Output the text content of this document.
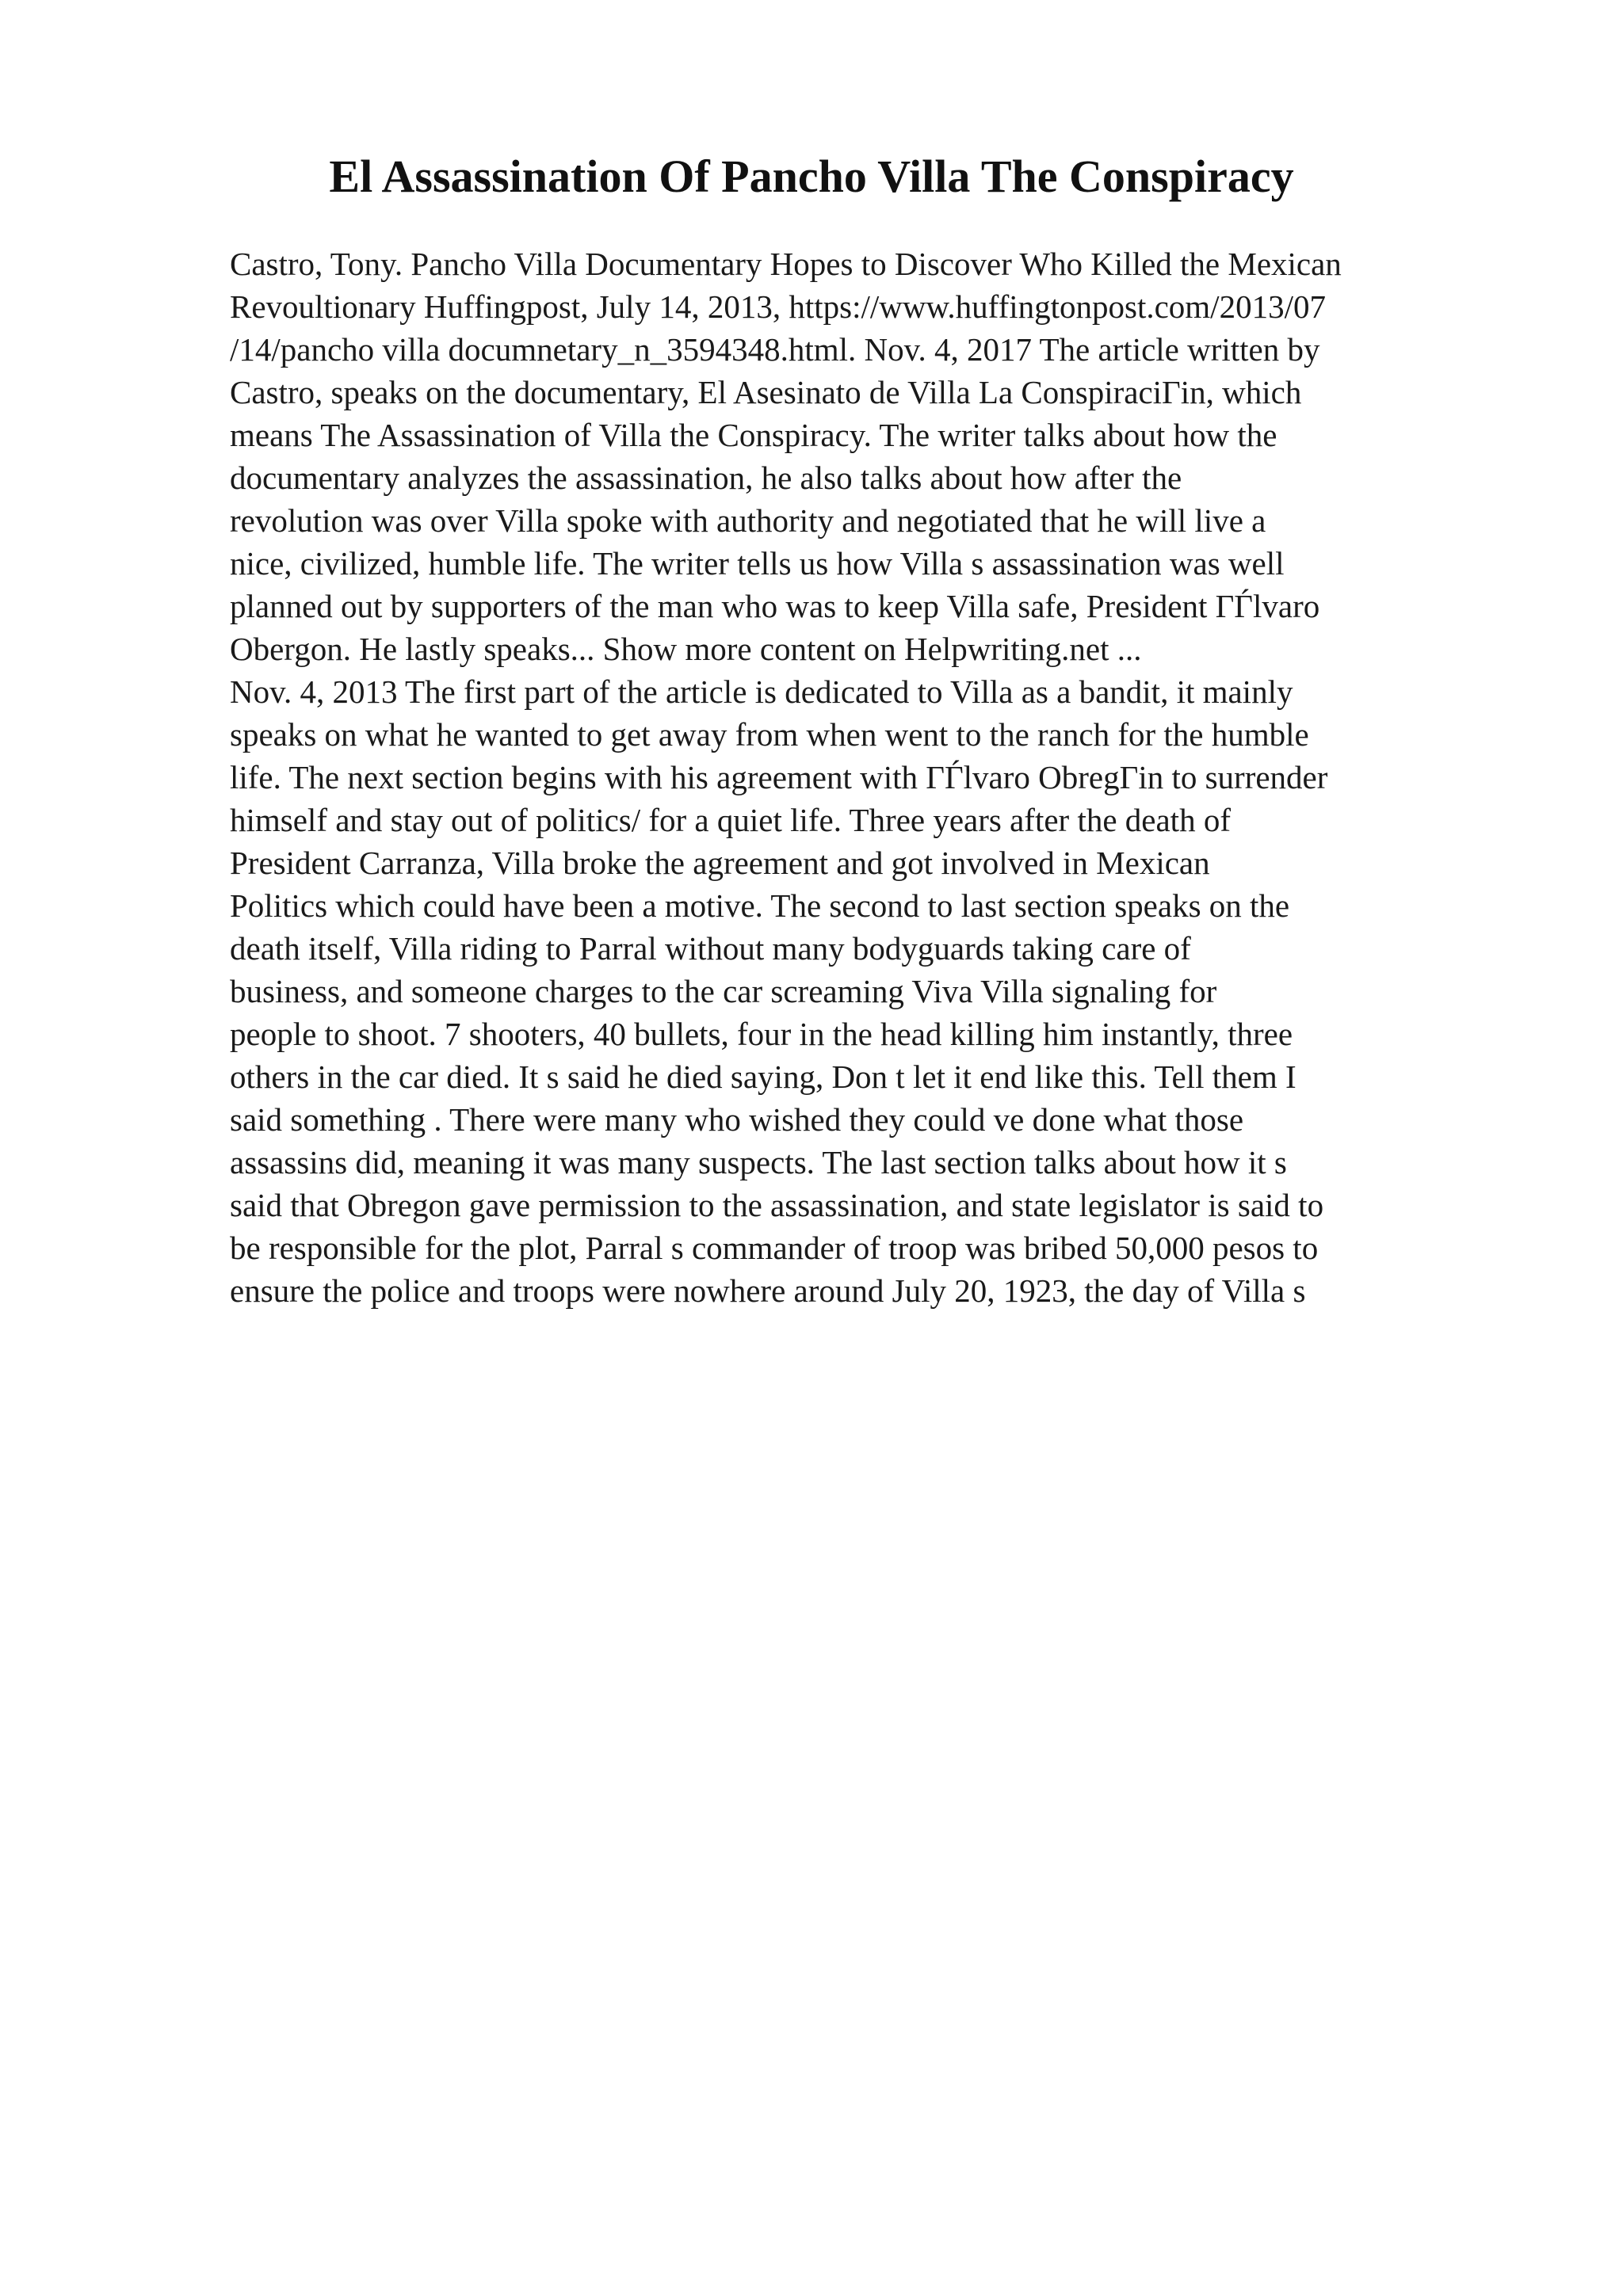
El Assassination Of Pancho Villa The Conspiracy
Castro, Tony. Pancho Villa Documentary Hopes to Discover Who Killed the Mexican
Revoultionary Huffingpost, July 14, 2013, https://www.huffingtonpost.com/2013/07
/14/pancho villa documnetary_n_3594348.html. Nov. 4, 2017 The article written by
Castro, speaks on the documentary, El Asesinato de Villa La ConspiraciΓіn, which
means The Assassination of Villa the Conspiracy. The writer talks about how the
documentary analyzes the assassination, he also talks about how after the
revolution was over Villa spoke with authority and negotiated that he will live a
nice, civilized, humble life. The writer tells us how Villa s assassination was well
planned out by supporters of the man who was to keep Villa safe, President ΓЃlvaro
Obergon. He lastly speaks... Show more content on Helpwriting.net ...
Nov. 4, 2013 The first part of the article is dedicated to Villa as a bandit, it mainly
speaks on what he wanted to get away from when went to the ranch for the humble
life. The next section begins with his agreement with ΓЃlvaro ObregΓіn to surrender
himself and stay out of politics/ for a quiet life. Three years after the death of
President Carranza, Villa broke the agreement and got involved in Mexican
Politics which could have been a motive. The second to last section speaks on the
death itself, Villa riding to Parral without many bodyguards taking care of
business, and someone charges to the car screaming Viva Villa signaling for
people to shoot. 7 shooters, 40 bullets, four in the head killing him instantly, three
others in the car died. It s said he died saying, Don t let it end like this. Tell them I
said something . There were many who wished they could ve done what those
assassins did, meaning it was many suspects. The last section talks about how it s
said that Obregon gave permission to the assassination, and state legislator is said to
be responsible for the plot, Parral s commander of troop was bribed 50,000 pesos to
ensure the police and troops were nowhere around July 20, 1923, the day of Villa s
